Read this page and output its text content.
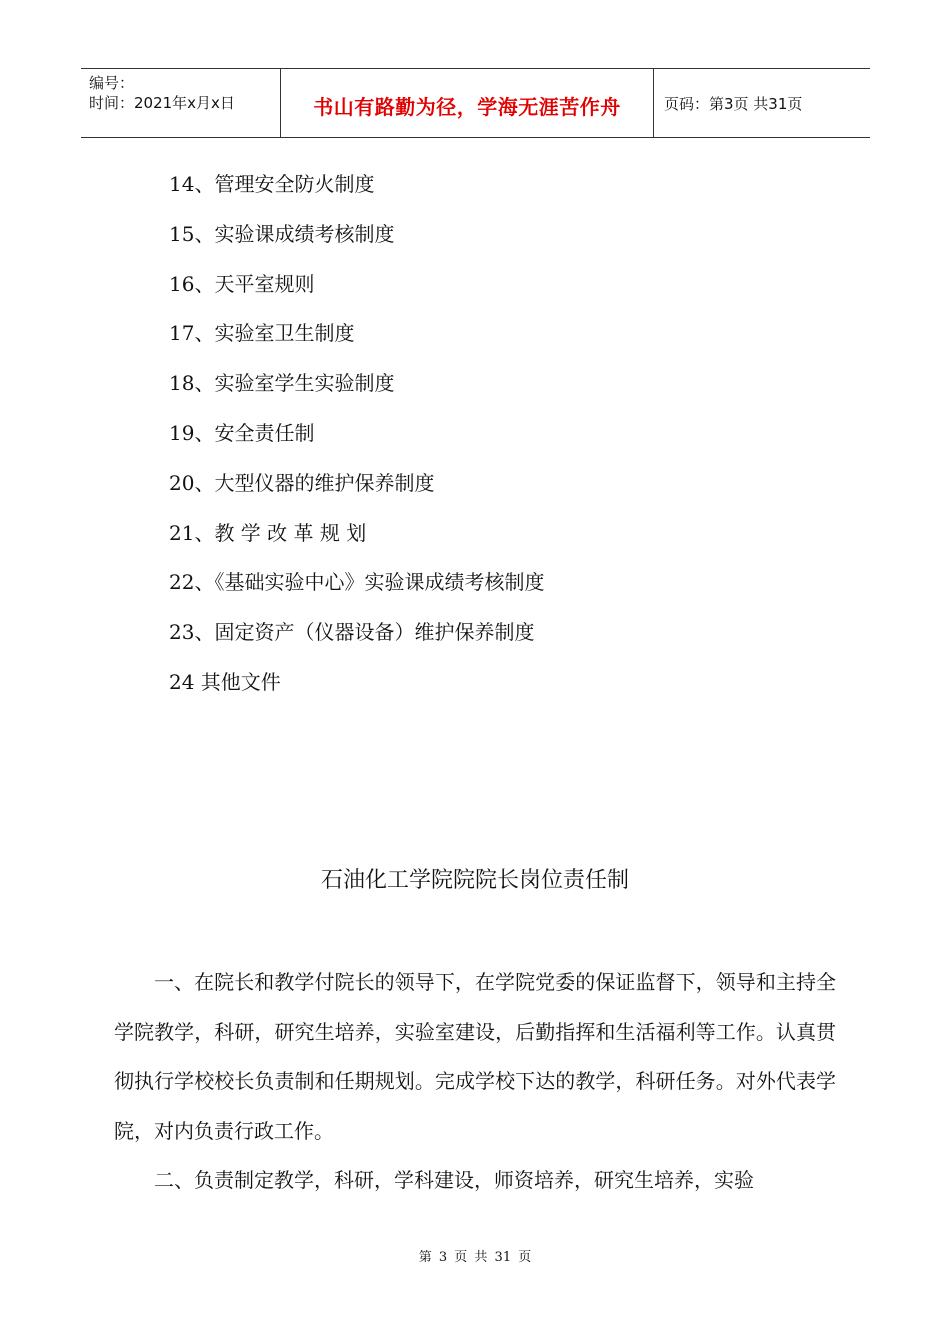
编号：
时间：2021年x月x日	书山有路勤为径，学海无涯苦作舟	页码：第3页 共31页
14、管理安全防火制度
15、实验课成绩考核制度
16、天平室规则
17、实验室卫生制度
18、实验室学生实验制度
19、安全责任制
20、大型仪器的维护保养制度
21、教 学 改 革 规 划
22、《基础实验中心》实验课成绩考核制度
23、固定资产（仪器设备）维护保养制度
24 其他文件
石油化工学院院院长岗位责任制

一、在院长和教学付院长的领导下，在学院党委的保证监督下，领导和主持全学院教学，科研，研究生培养，实验室建设，后勤指挥和生活福利等工作。认真贯彻执行学校校长负责制和任期规划。完成学校下达的教学，科研任务。对外代表学院，对内负责行政工作。

二、负责制定教学，科研，学科建设，师资培养，研究生培养，实验

第 3 页 共 31 页
